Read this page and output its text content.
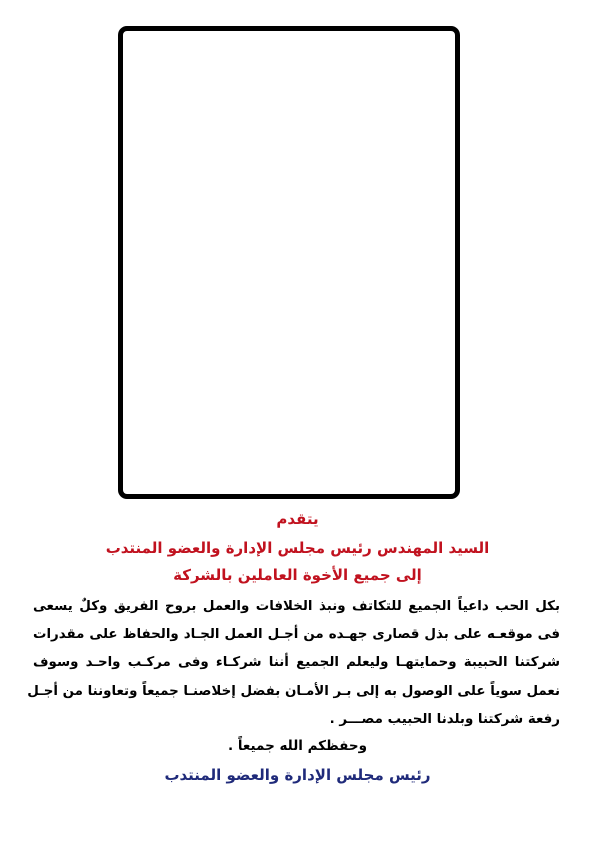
يتقدم
السيد المهندس رئيس مجلس الإدارة والعضو المنتدب
إلى جميع الأخوة العاملين بالشركة
بكل الحب داعياً الجميع للتكاتف ونبذ الخلافات والعمل بروح الفريق وكلٌ يسعى
فى موقعـه على بذل قصارى جهـده من أجـل العمل الجـاد والحفاظ على مقدرات
شركتنا الحبيبة وحمايتهـا وليعلم الجميع أننا شركـاء وفى مركـب واحـد وسوف
نعمل سوياً على الوصول به إلى بـر الأمـان بفضل إخلاصنـا جميعاً وتعاوننا من أجـل
رفعة شركتنا وبلدنا الحبيب مصـــر .
وحفظكم الله جميعاً .
رئيس مجلس الإدارة والعضو المنتدب
